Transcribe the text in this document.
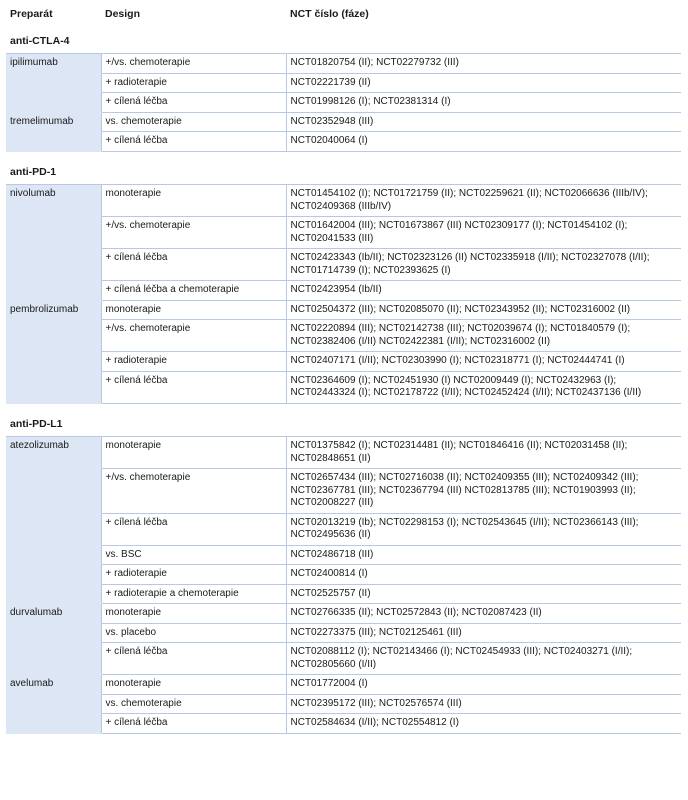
Preparát	Design	NCT číslo (fáze)
anti-CTLA-4		
ipilimumab	+/vs. chemoterapie	NCT01820754 (II); NCT02279732 (III)
	+ radioterapie	NCT02221739 (II)
	+ cílená léčba	NCT01998126 (I); NCT02381314 (I)
tremelimumab	vs. chemoterapie	NCT02352948 (III)
	+ cílená léčba	NCT02040064 (I)
anti-PD-1		
nivolumab	monoterapie	NCT01454102 (I); NCT01721759 (II); NCT02259621 (II); NCT02066636 (IIIb/IV); NCT02409368 (IIIb/IV)
	+/vs. chemoterapie	NCT01642004 (III); NCT01673867 (III) NCT02309177 (I); NCT01454102 (I); NCT02041533 (III)
	+ cílená léčba	NCT02423343 (Ib/II); NCT02323126 (II) NCT02335918 (I/II); NCT02327078 (I/II); NCT01714739 (I); NCT02393625 (I)
	+ cílená léčba a chemoterapie	NCT02423954 (Ib/II)
pembrolizumab	monoterapie	NCT02504372 (III); NCT02085070 (II); NCT02343952 (II); NCT02316002 (II)
	+/vs. chemoterapie	NCT02220894 (III); NCT02142738 (III); NCT02039674 (I); NCT01840579 (I); NCT02382406 (I/II) NCT02422381 (I/II); NCT02316002 (II)
	+ radioterapie	NCT02407171 (I/II); NCT02303990 (I); NCT02318771 (I); NCT02444741 (I)
	+ cílená léčba	NCT02364609 (I); NCT02451930 (I) NCT02009449 (I); NCT02432963 (I); NCT02443324 (I); NCT02178722 (I/II); NCT02452424 (I/II); NCT02437136 (I/II)
anti-PD-L1		
atezolizumab	monoterapie	NCT01375842 (I); NCT02314481 (II); NCT01846416 (II); NCT02031458 (II); NCT02848651 (II)
	+/vs. chemoterapie	NCT02657434 (III); NCT02716038 (II); NCT02409355 (III); NCT02409342 (III); NCT02367781 (III); NCT02367794 (III) NCT02813785 (III); NCT01903993 (II); NCT02008227 (III)
	+ cílená léčba	NCT02013219 (Ib); NCT02298153 (I); NCT02543645 (I/II); NCT02366143 (III); NCT02495636 (II)
	vs. BSC	NCT02486718 (III)
	+ radioterapie	NCT02400814 (I)
	+ radioterapie a chemoterapie	NCT02525757 (II)
durvalumab	monoterapie	NCT02766335 (II); NCT02572843 (II); NCT02087423 (II)
	vs. placebo	NCT02273375 (III); NCT02125461 (III)
	+ cílená léčba	NCT02088112 (I); NCT02143466 (I); NCT02454933 (III); NCT02403271 (I/II); NCT02805660 (I/II)
avelumab	monoterapie	NCT01772004 (I)
	vs. chemoterapie	NCT02395172 (III); NCT02576574 (III)
	+ cílená léčba	NCT02584634 (I/II); NCT02554812 (I)
